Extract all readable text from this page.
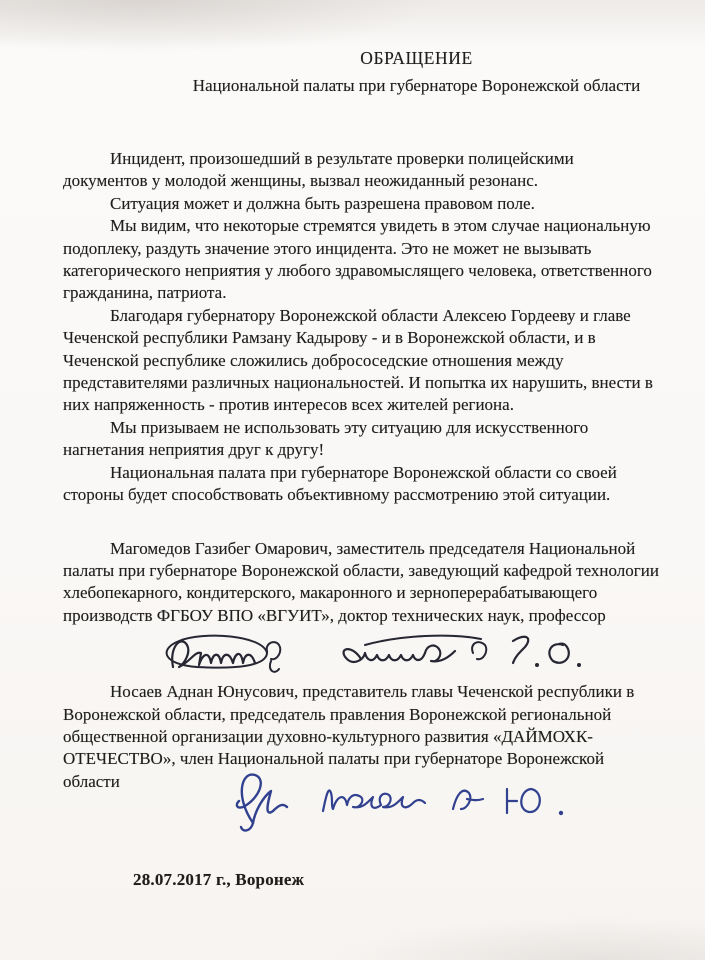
ОБРАЩЕНИЕ
Национальной палаты при губернаторе Воронежской области

Инцидент, произошедший в результате проверки полицейскими документов у молодой женщины, вызвал неожиданный резонанс.

Ситуация может и должна быть разрешена правовом поле.

Мы видим, что некоторые стремятся увидеть в этом случае национальную подоплеку, раздуть значение этого инцидента. Это не может не вызывать категорического неприятия у любого здравомыслящего человека, ответственного гражданина, патриота.

Благодаря губернатору Воронежской области Алексею Гордееву и главе Чеченской республики Рамзану Кадырову - и в Воронежской области, и в Чеченской республике сложились добрососедские отношения между представителями различных национальностей. И попытка их нарушить, внести в них напряженность - против интересов всех жителей региона.

Мы призываем не использовать эту ситуацию для искусственного нагнетания неприятия друг к другу!

Национальная палата при губернаторе Воронежской области со своей стороны будет способствовать объективному рассмотрению этой ситуации.

Магомедов Газибег Омарович, заместитель председателя Национальной палаты при губернаторе Воронежской области, заведующий кафедрой технологии хлебопекарного, кондитерского, макаронного и зерноперерабатывающего производств ФГБОУ ВПО «ВГУИТ», доктор технических наук, профессор

Носаев Аднан Юнусович, представитель главы Чеченской республики в Воронежской области, председатель правления Воронежской региональной общественной организации духовно-культурного развития «ДАЙМОХК-ОТЕЧЕСТВО», член Национальной палаты при губернаторе Воронежской области

28.07.2017 г., Воронеж
